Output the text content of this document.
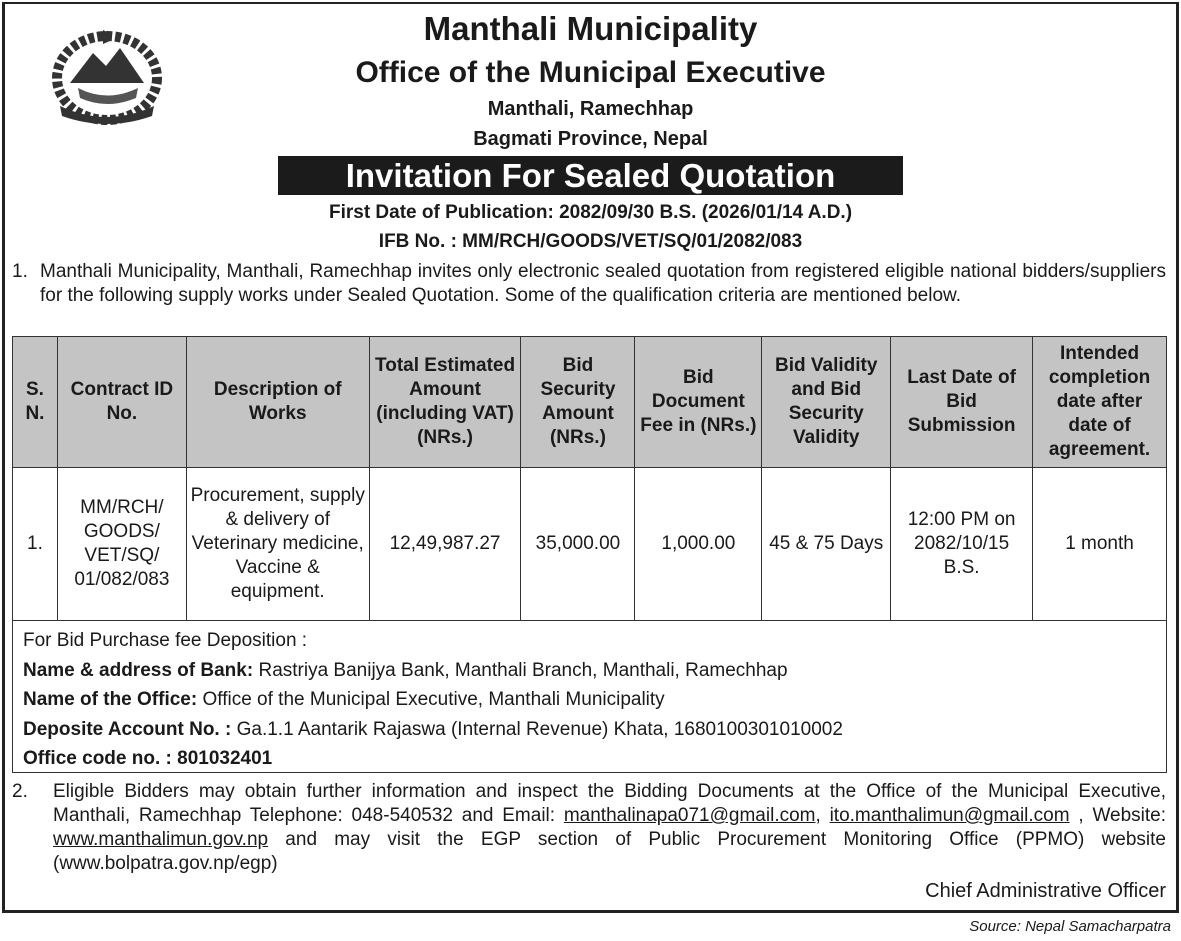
Manthali Municipality
Office of the Municipal Executive
Manthali, Ramechhap
Bagmati Province, Nepal
Invitation For Sealed Quotation
First Date of Publication: 2082/09/30 B.S. (2026/01/14 A.D.)
IFB No. : MM/RCH/GOODS/VET/SQ/01/2082/083
1. Manthali Municipality, Manthali, Ramechhap invites only electronic sealed quotation from registered eligible national bidders/suppliers for the following supply works under Sealed Quotation. Some of the qualification criteria are mentioned below.
S. N.	Contract ID No.	Description of Works	Total Estimated Amount (including VAT) (NRs.)	Bid Security Amount (NRs.)	Bid Document Fee in (NRs.)	Bid Validity and Bid Security Validity	Last Date of Bid Submission	Intended completion date after date of agreement.
1.	MM/RCH/ GOODS/ VET/SQ/ 01/082/083	Procurement, supply & delivery of Veterinary medicine, Vaccine & equipment.	12,49,987.27	35,000.00	1,000.00	45 & 75 Days	12:00 PM on 2082/10/15 B.S.	1 month
For Bid Purchase fee Deposition :
Name & address of Bank: Rastriya Banijya Bank, Manthali Branch, Manthali, Ramechhap
Name of the Office: Office of the Municipal Executive, Manthali Municipality
Deposite Account No. : Ga.1.1 Aantarik Rajaswa (Internal Revenue) Khata, 1680100301010002
Office code no. : 801032401
2. Eligible Bidders may obtain further information and inspect the Bidding Documents at the Office of the Municipal Executive, Manthali, Ramechhap Telephone: 048-540532 and Email: manthalinapa071@gmail.com, ito.manthalimun@gmail.com , Website: www.manthalimun.gov.np and may visit the EGP section of Public Procurement Monitoring Office (PPMO) website (www.bolpatra.gov.np/egp)
Chief Administrative Officer
Source: Nepal Samacharpatra
